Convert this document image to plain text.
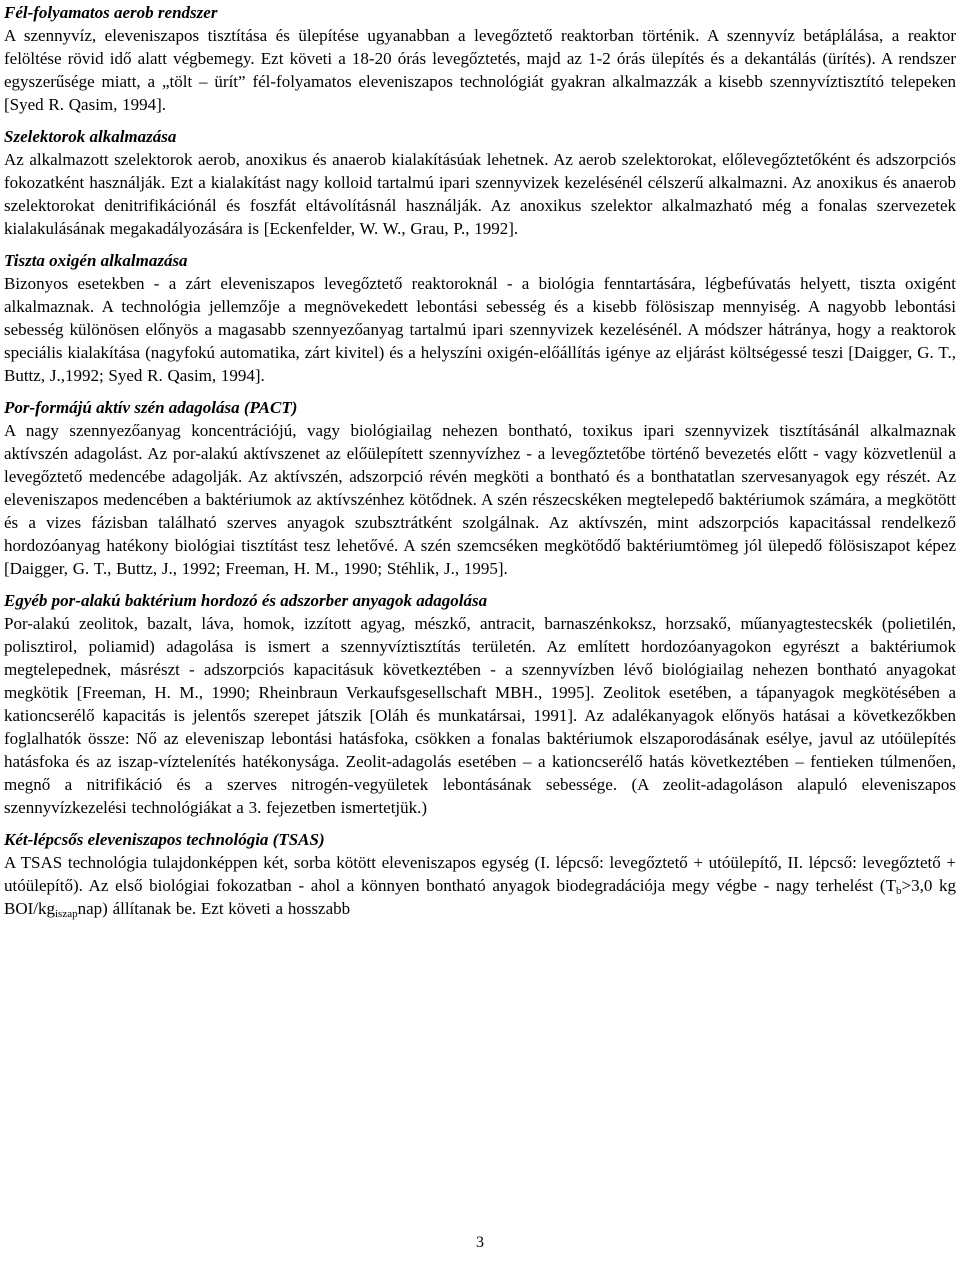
Fél-folyamatos aerob rendszer

A szennyvíz, eleveniszapos tisztítása és ülepítése ugyanabban a levegőztető reaktorban történik. A szennyvíz betáplálása, a reaktor felöltése rövid idő alatt végbemegy. Ezt követi a 18-20 órás levegőztetés, majd az 1-2 órás ülepítés és a dekantálás (ürítés). A rendszer egyszerűsége miatt, a „tölt – ürít” fél-folyamatos eleveniszapos technológiát gyakran alkalmazzák a kisebb szennyvíztisztító telepeken [Syed R. Qasim, 1994].

Szelektorok alkalmazása

Az alkalmazott szelektorok aerob, anoxikus és anaerob kialakításúak lehetnek. Az aerob szelektorokat, előlevegőztetőként és adszorpciós fokozatként használják. Ezt a kialakítást nagy kolloid tartalmú ipari szennyvizek kezelésénél célszerű alkalmazni. Az anoxikus és anaerob szelektorokat denitrifikációnál és foszfát eltávolításnál használják. Az anoxikus szelektor alkalmazható még a fonalas szervezetek kialakulásának megakadályozására is [Eckenfelder, W. W., Grau, P., 1992].

Tiszta oxigén alkalmazása

Bizonyos esetekben - a zárt eleveniszapos levegőztető reaktoroknál - a biológia fenntartására, légbefúvatás helyett, tiszta oxigént alkalmaznak. A technológia jellemzője a megnövekedett lebontási sebesség és a kisebb fölösiszap mennyiség. A nagyobb lebontási sebesség különösen előnyös a magasabb szennyezőanyag tartalmú ipari szennyvizek kezelésénél. A módszer hátránya, hogy a reaktorok speciális kialakítása (nagyfokú automatika, zárt kivitel) és a helyszíni oxigén-előállítás igénye az eljárást költségessé teszi [Daigger, G. T., Buttz, J.,1992; Syed R. Qasim, 1994].

Por-formájú aktív szén adagolása (PACT)

A nagy szennyezőanyag koncentrációjú, vagy biológiailag nehezen bontható, toxikus ipari szennyvizek tisztításánál alkalmaznak aktívszén adagolást. Az por-alakú aktívszenet az előülepített szennyvízhez - a levegőztetőbe történő bevezetés előtt - vagy közvetlenül a levegőztető medencébe adagolják. Az aktívszén, adszorpció révén megköti a bontható és a bonthatatlan szervesanyagok egy részét. Az eleveniszapos medencében a baktériumok az aktívszénhez kötődnek. A szén részecskéken megtelepedő baktériumok számára, a megkötött és a vizes fázisban található szerves anyagok szubsztrátként szolgálnak. Az aktívszén, mint adszorpciós kapacitással rendelkező hordozóanyag hatékony biológiai tisztítást tesz lehetővé. A szén szemcséken megkötődő baktériumtömeg jól ülepedő fölösiszapot képez [Daigger, G. T., Buttz, J., 1992; Freeman, H. M., 1990; Stéhlik, J., 1995].

Egyéb por-alakú baktérium hordozó és adszorber anyagok adagolása

Por-alakú zeolitok, bazalt, láva, homok, izzított agyag, mészkő, antracit, barnaszénkoksz, horzsakő, műanyagtestecskék (polietilén, polisztirol, poliamid) adagolása is ismert a szennyvíztisztítás területén. Az említett hordozóanyagokon egyrészt a baktériumok megtelepednek, másrészt - adszorpciós kapacitásuk következtében - a szennyvízben lévő biológiailag nehezen bontható anyagokat megkötik [Freeman, H. M., 1990; Rheinbraun Verkaufsgesellschaft MBH., 1995]. Zeolitok esetében, a tápanyagok megkötésében a kationcserélő kapacitás is jelentős szerepet játszik [Oláh és munkatársai, 1991]. Az adalékanyagok előnyös hatásai a következőkben foglalhatók össze: Nő az eleveniszap lebontási hatásfoka, csökken a fonalas baktériumok elszaporodásának esélye, javul az utóülepítés hatásfoka és az iszap-víztelenítés hatékonysága. Zeolit-adagolás esetében – a kationcserélő hatás következtében – fentieken túlmenően, megnő a nitrifikáció és a szerves nitrogén-vegyületek lebontásának sebessége. (A zeolit-adagoláson alapuló eleveniszapos szennyvízkezelési technológiákat a 3. fejezetben ismertetjük.)

Két-lépcsős eleveniszapos technológia (TSAS)

A TSAS technológia tulajdonképpen két, sorba kötött eleveniszapos egység (I. lépcső: levegőztető + utóülepítő, II. lépcső: levegőztető + utóülepítő). Az első biológiai fokozatban - ahol a könnyen bontható anyagok biodegradációja megy végbe - nagy terhelést ($T_b>3,0$ kg BOI/$kg_{iszap}nap$) állítanak be. Ezt követi a hosszabb

3
